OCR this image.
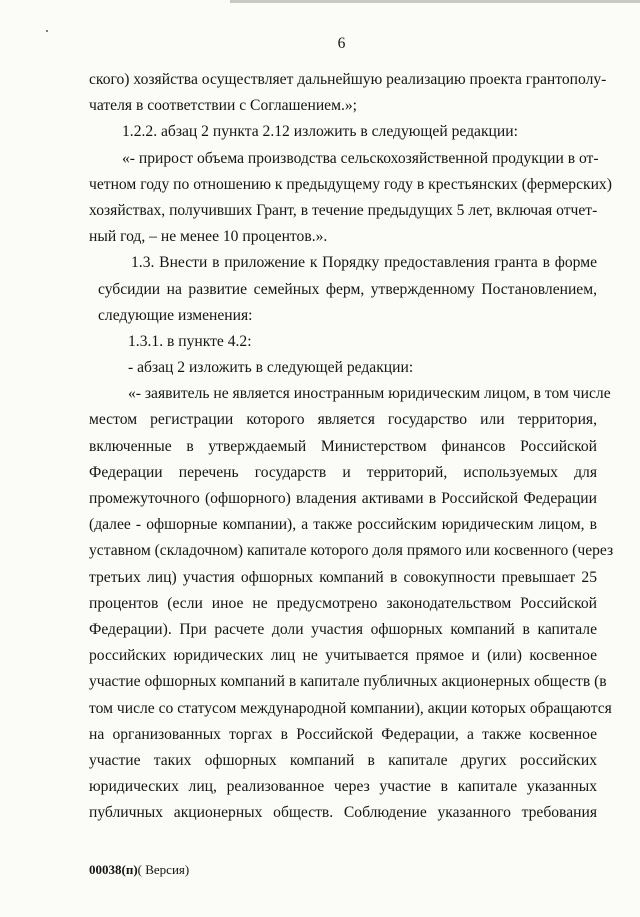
6
ского) хозяйства осуществляет дальнейшую реализацию проекта грантополу-
чателя в соответствии с Соглашением.»;
1.2.2. абзац 2 пункта 2.12 изложить в следующей редакции:
«- прирост объема производства сельскохозяйственной продукции в от-
четном году по отношению к предыдущему году в крестьянских (фермерских)
хозяйствах, получивших Грант, в течение предыдущих 5 лет, включая отчет-
ный год, – не менее 10 процентов.».
1.3. Внести в приложение к Порядку предоставления гранта в форме
субсидии на развитие семейных ферм, утвержденному Постановлением,
следующие изменения:
1.3.1. в пункте 4.2:
- абзац 2 изложить в следующей редакции:
«- заявитель не является иностранным юридическим лицом, в том числе
местом регистрации которого является государство или территория,
включенные в утверждаемый Министерством финансов Российской
Федерации перечень государств и территорий, используемых для
промежуточного (офшорного) владения активами в Российской Федерации
(далее - офшорные компании), а также российским юридическим лицом, в
уставном (складочном) капитале которого доля прямого или косвенного (через
третьих лиц) участия офшорных компаний в совокупности превышает 25
процентов (если иное не предусмотрено законодательством Российской
Федерации). При расчете доли участия офшорных компаний в капитале
российских юридических лиц не учитывается прямое и (или) косвенное
участие офшорных компаний в капитале публичных акционерных обществ (в
том числе со статусом международной компании), акции которых обращаются
на организованных торгах в Российской Федерации, а также косвенное
участие таких офшорных компаний в капитале других российских
юридических лиц, реализованное через участие в капитале указанных
публичных акционерных обществ. Соблюдение указанного требования
00038(п)( Версия)
